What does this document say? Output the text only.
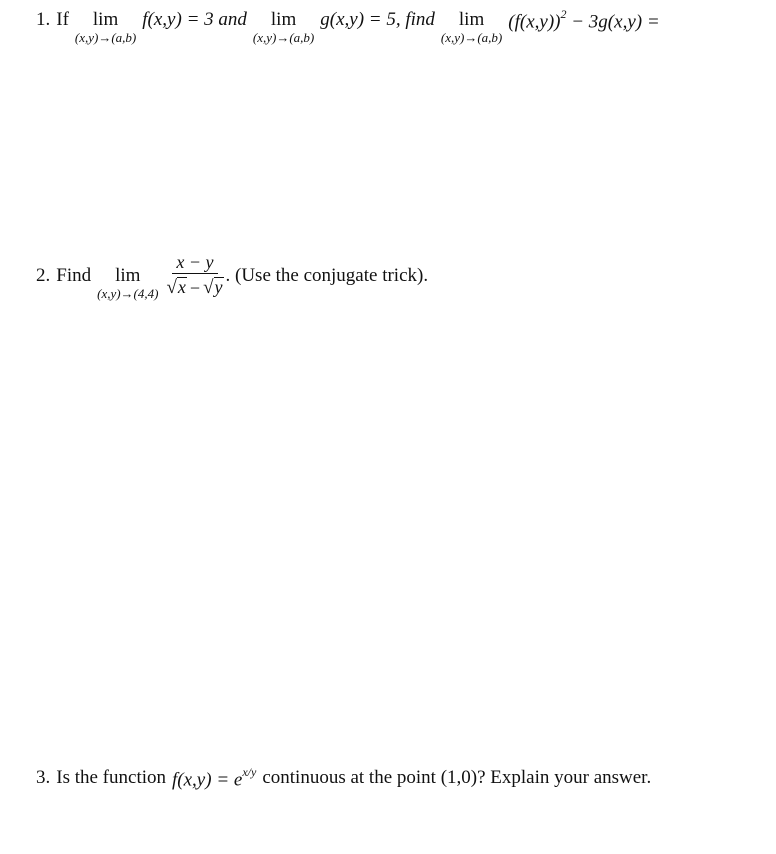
1. If lim
(x,y)→(a,b)
f(x,y) = 3 and lim
(x,y)→(a,b)
g(x,y) = 5, find lim
(x,y)→(a,b)
$(f(x,y))^2 - 3g(x,y)$ =
2. Find lim
$(x,y)\to(4,4) \frac{x - y}{√ x - √ y}$ . (Use the conjugate trick).
3. Is the function $f(x,y) = e^{x/y}$ continuous at the point (1,0)? Explain your answer.
